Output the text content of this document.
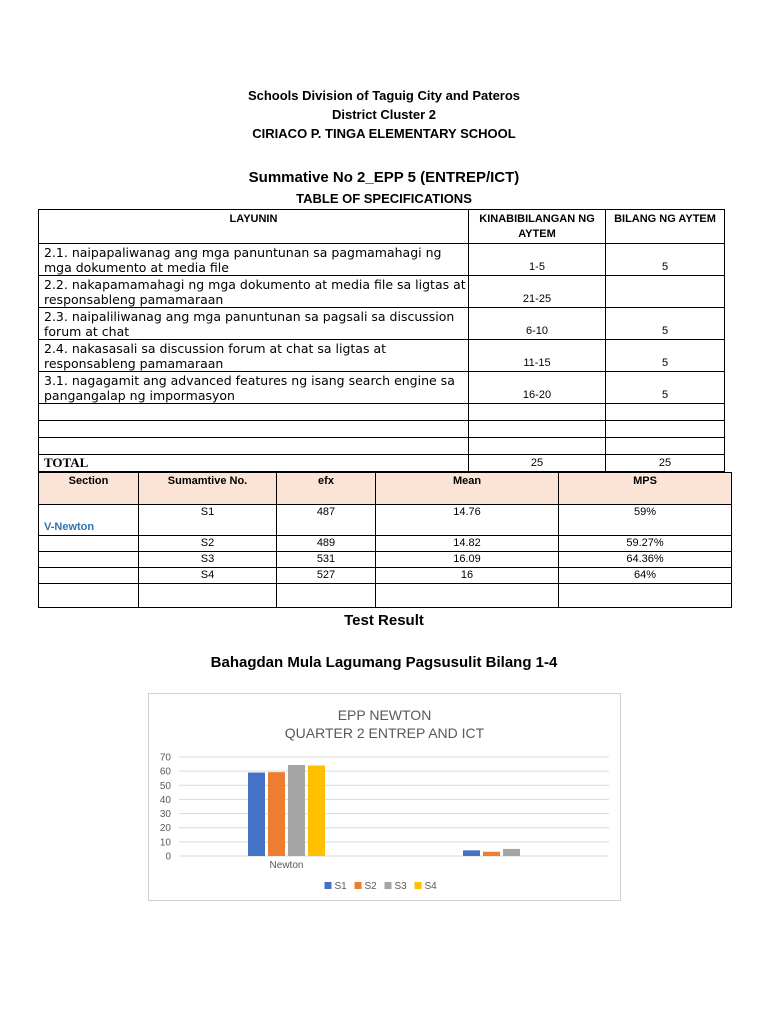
Schools Division of Taguig City and Pateros
District Cluster 2
CIRIACO P. TINGA ELEMENTARY SCHOOL
Summative No 2_EPP 5 (ENTREP/ICT)
TABLE OF SPECIFICATIONS
LAYUNIN	KINABIBILANGAN NG AYTEM	BILANG NG AYTEM
2.1. naipapaliwanag ang mga panuntunan sa pagmamahagi ng mga dokumento at media file	1-5	5
2.2. nakapamamahagi ng mga dokumento at media file sa ligtas at responsableng pamamaraan	21-25	
2.3. naipaliliwanag ang mga panuntunan sa pagsali sa discussion forum at chat	6-10	5
2.4. nakasasali sa discussion forum at chat sa ligtas at responsableng pamamaraan	11-15	5
3.1. nagagamit ang advanced features ng isang search engine sa pangangalap ng impormasyon	16-20	5

TOTAL	25	25
Section	Sumamtive No.	efx	Mean	MPS
V-Newton	S1	487	14.76	59%
	S2	489	14.82	59.27%
	S3	531	16.09	64.36%
	S4	527	16	64%

Test Result
Bahagdan Mula Lagumang Pagsusulit Bilang 1-4
EPP NEWTON
QUARTER 2 ENTREP AND ICT
0
10
20
30
40
50
60
70
Newton
S1 S2 S3 S4
